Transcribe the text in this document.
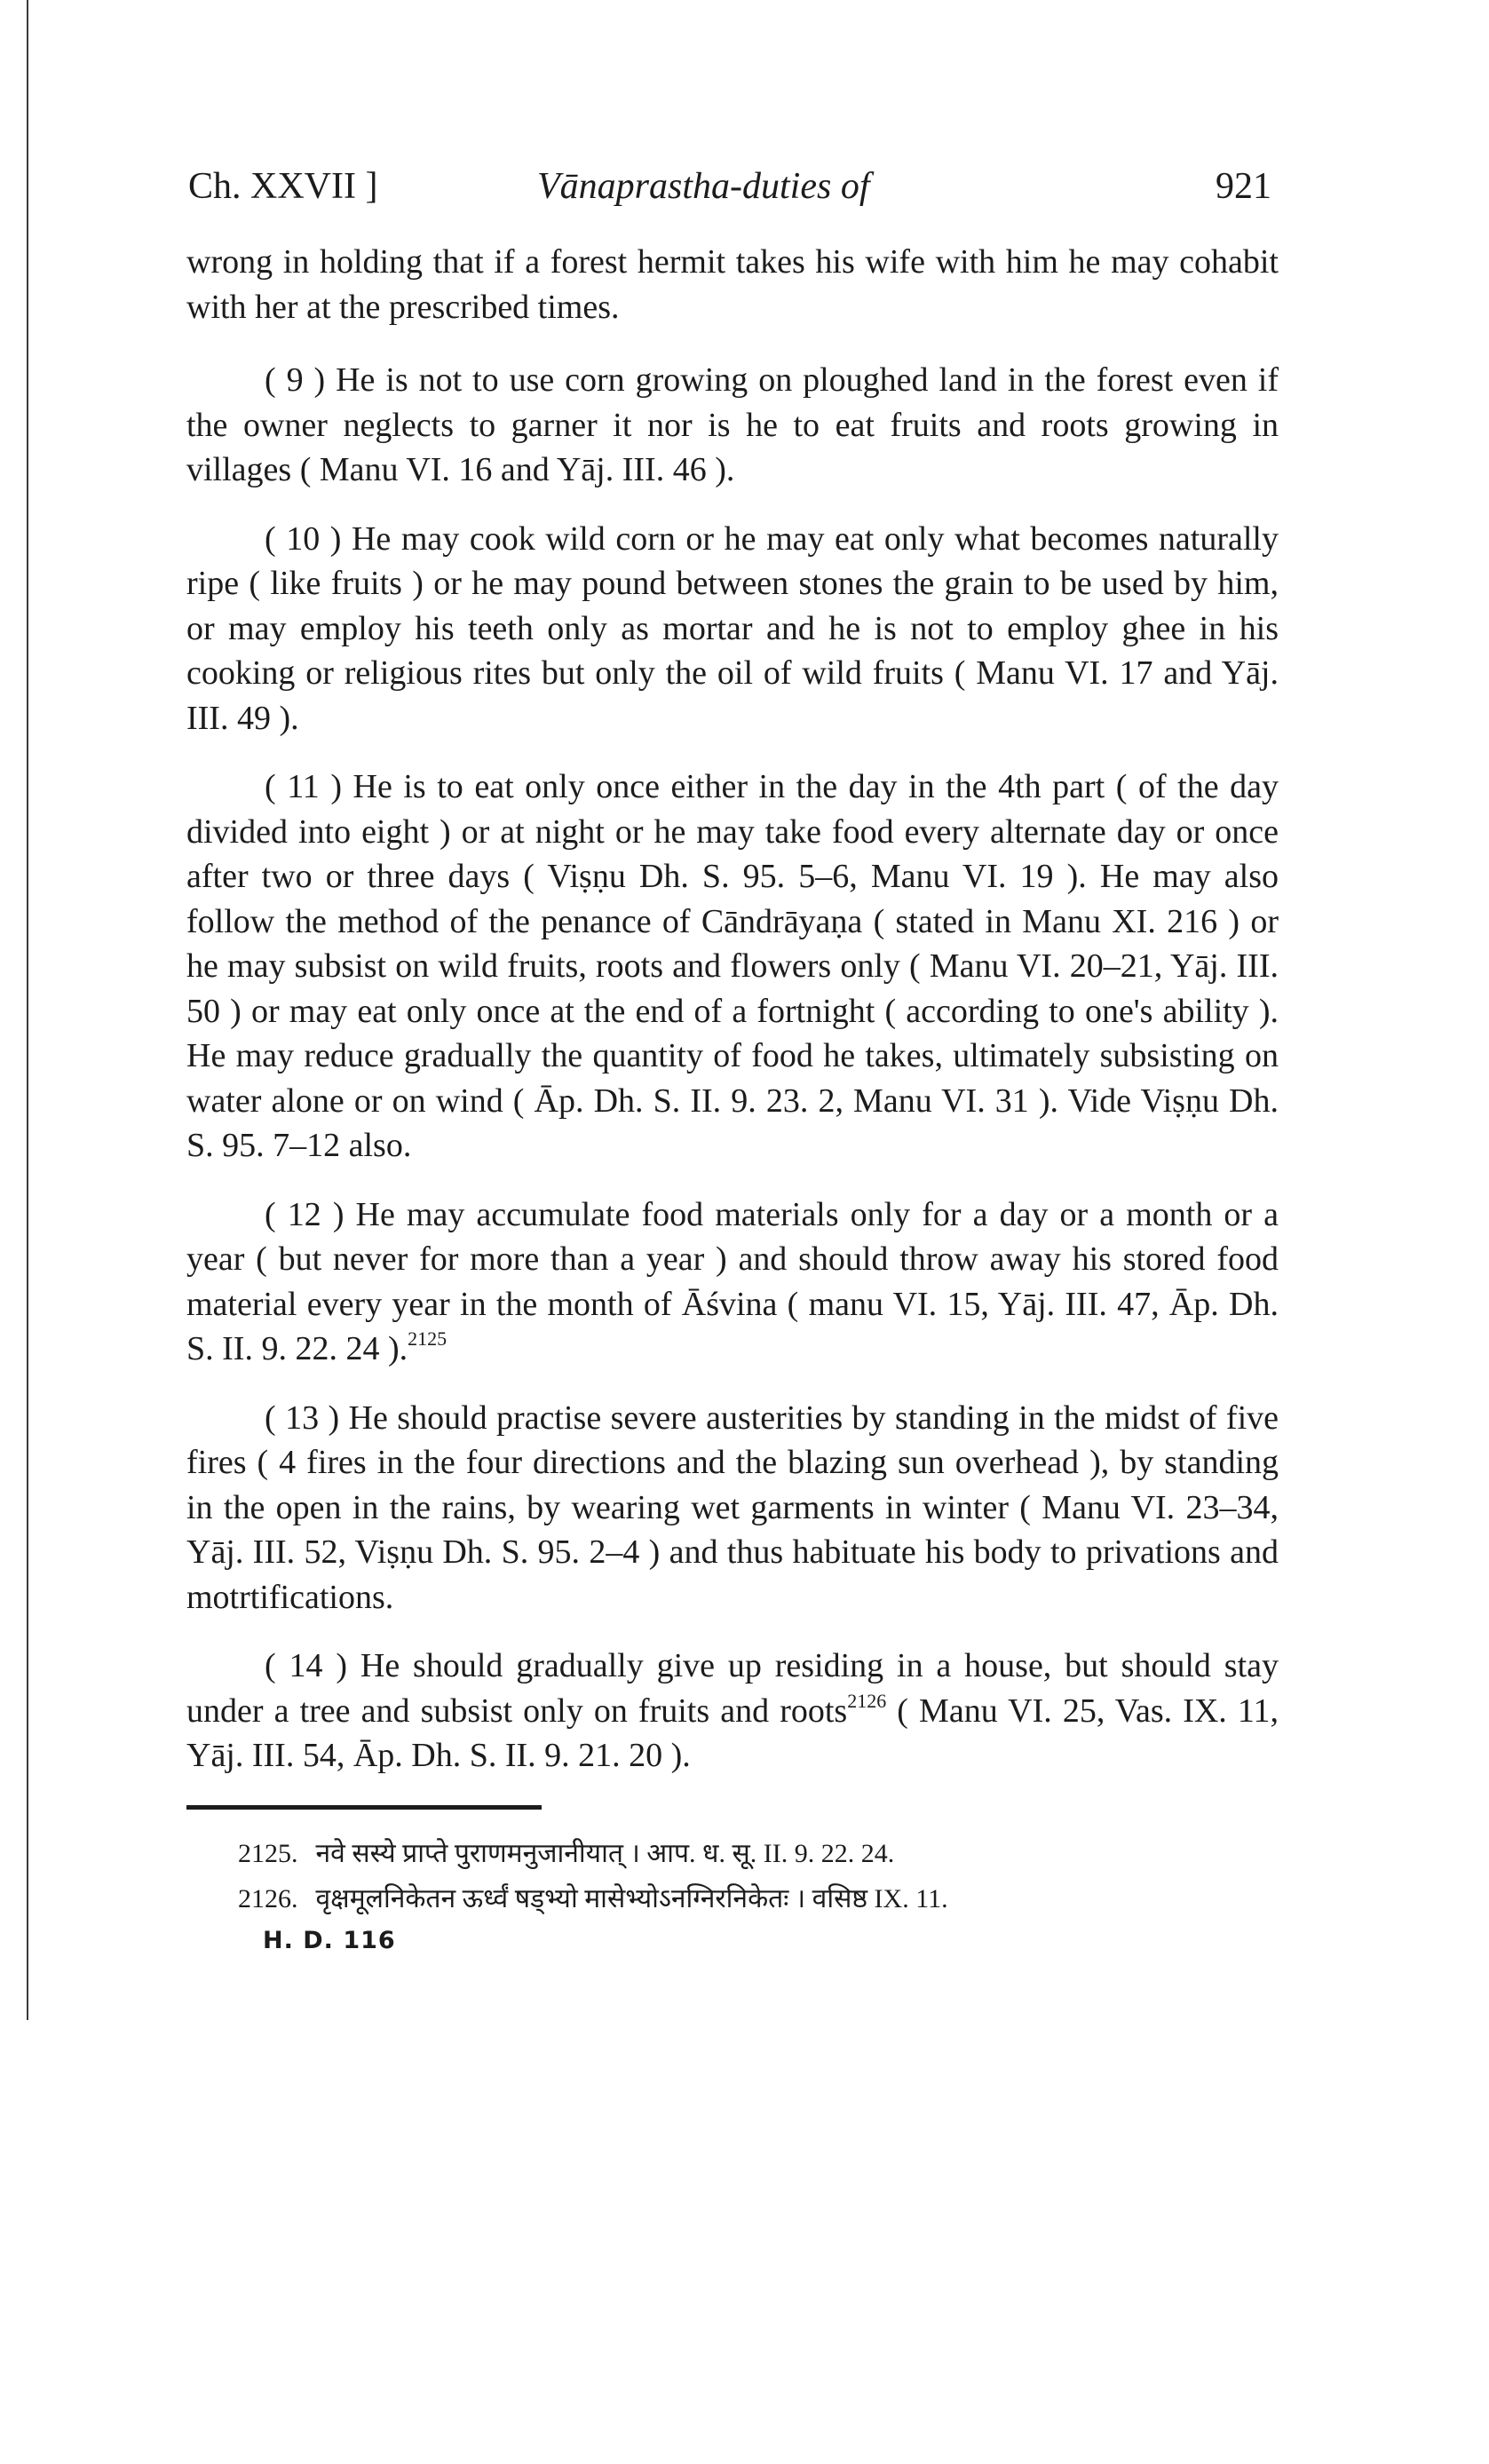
Ch. XXVII ]	Vānaprastha-duties of	921

wrong in holding that if a forest hermit takes his wife with him he may cohabit with her at the prescribed times.

( 9 ) He is not to use corn growing on ploughed land in the forest even if the owner neglects to garner it nor is he to eat fruits and roots growing in villages ( Manu VI. 16 and Yāj. III. 46 ).

( 10 ) He may cook wild corn or he may eat only what becomes naturally ripe ( like fruits ) or he may pound between stones the grain to be used by him, or may employ his teeth only as mortar and he is not to employ ghee in his cooking or religious rites but only the oil of wild fruits ( Manu VI. 17 and Yāj. III. 49 ).

( 11 ) He is to eat only once either in the day in the 4th part ( of the day divided into eight ) or at night or he may take food every alternate day or once after two or three days ( Viṣṇu Dh. S. 95. 5–6, Manu VI. 19 ). He may also follow the method of the penance of Cāndrāyaṇa ( stated in Manu XI. 216 ) or he may subsist on wild fruits, roots and flowers only ( Manu VI. 20–21, Yāj. III. 50 ) or may eat only once at the end of a fortnight ( according to one's ability ). He may reduce gradually the quantity of food he takes, ultimately subsisting on water alone or on wind ( Āp. Dh. S. II. 9. 23. 2, Manu VI. 31 ). Vide Viṣṇu Dh. S. 95. 7–12 also.

( 12 ) He may accumulate food materials only for a day or a month or a year ( but never for more than a year ) and should throw away his stored food material every year in the month of Āśvina ( manu VI. 15, Yāj. III. 47, Āp. Dh. S. II. 9. 22. 24 ).$^{2125}$

( 13 ) He should practise severe austerities by standing in the midst of five fires ( 4 fires in the four directions and the blazing sun overhead ), by standing in the open in the rains, by wearing wet garments in winter ( Manu VI. 23–34, Yāj. III. 52, Viṣṇu Dh. S. 95. 2–4 ) and thus habituate his body to privations and motrtifications.

( 14 ) He should gradually give up residing in a house, but should stay under a tree and subsist only on fruits and roots$^{2126}$ ( Manu VI. 25, Vas. IX. 11, Yāj. III. 54, Āp. Dh. S. II. 9. 21. 20 ).

2125. नवे सस्ये प्राप्ते पुराणमनुजानीयात् । आप. ध. सू. II. 9. 22. 24.
2126. वृक्षमूलनिकेतन ऊर्ध्वं षड्भ्यो मासेभ्योऽनग्निरनिकेतः । वसिष्ठ IX. 11.
H. D. 116
